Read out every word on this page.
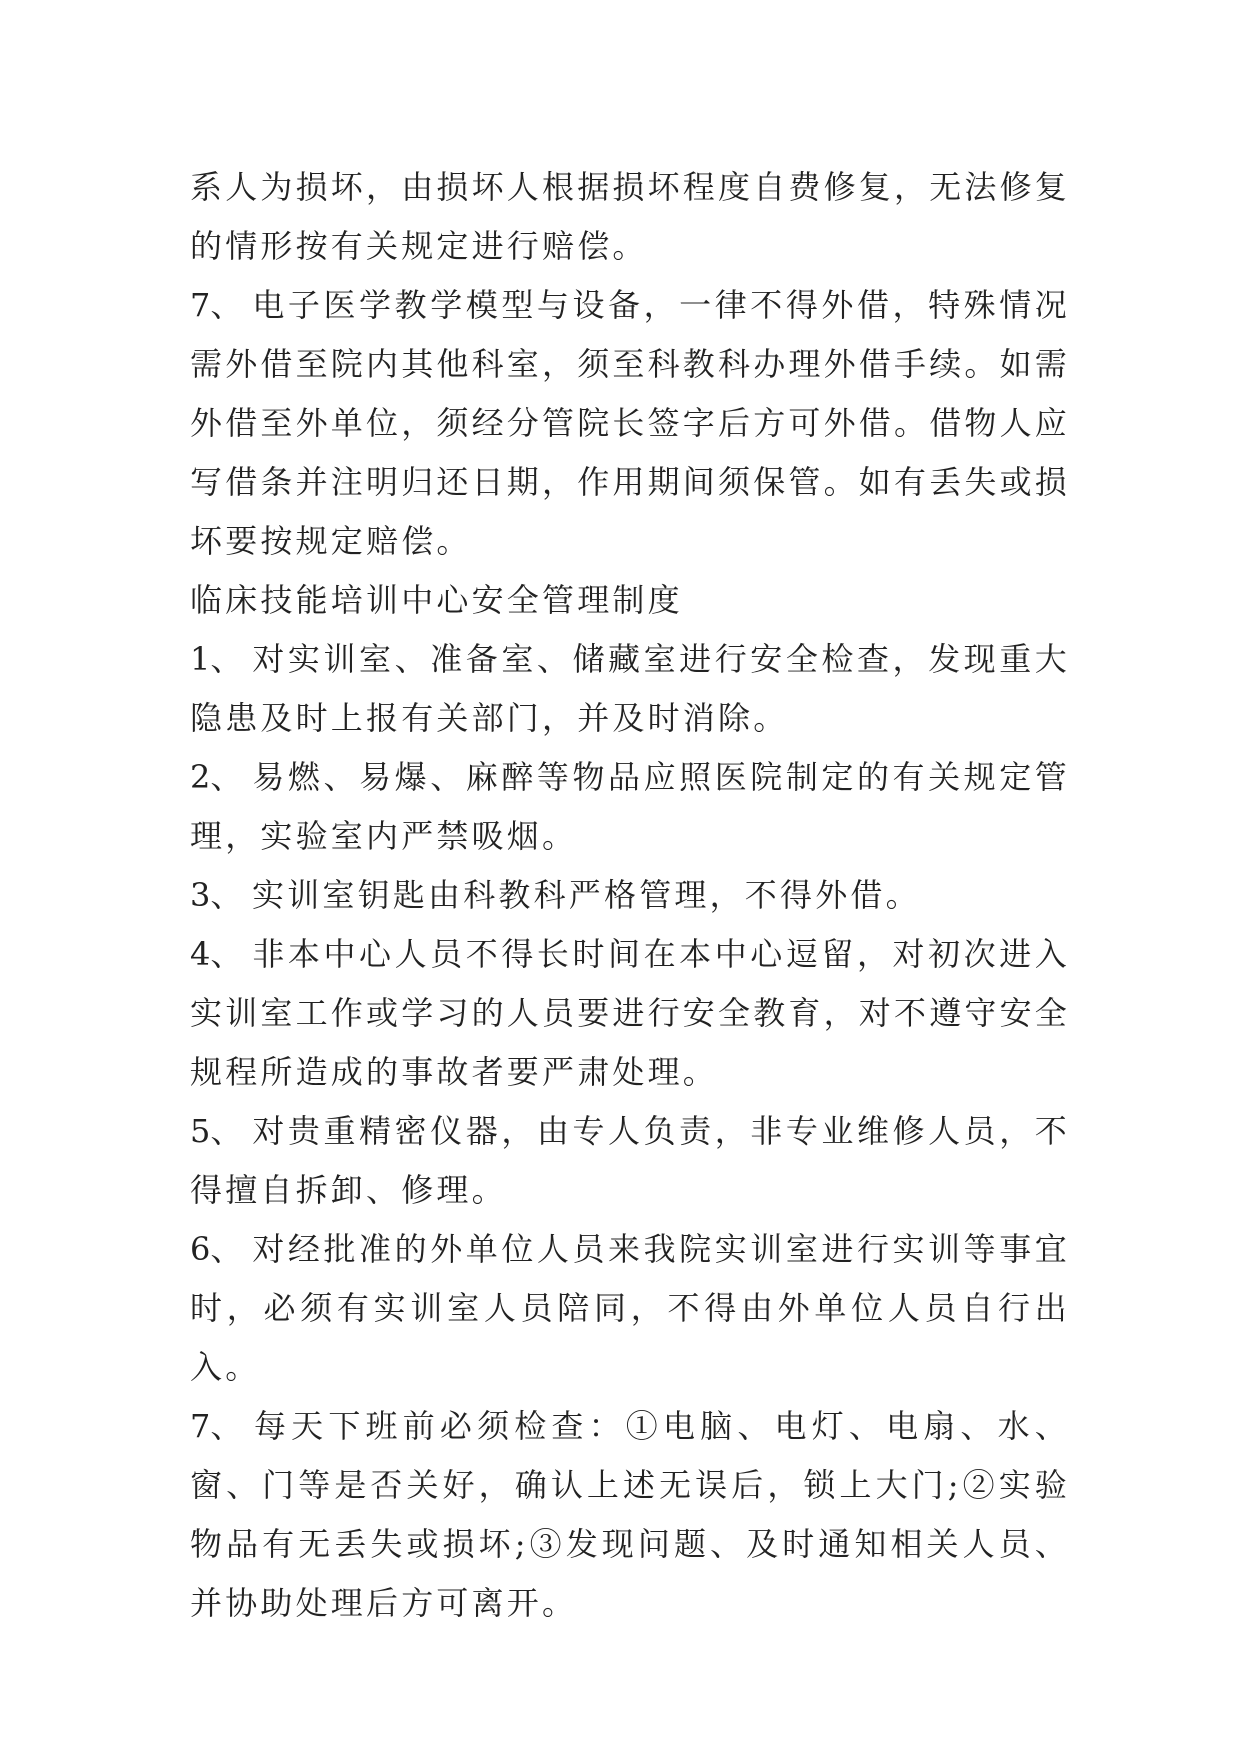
系人为损坏，由损坏人根据损坏程度自费修复，无法修复的情形按有关规定进行赔偿。

7、 电子医学教学模型与设备，一律不得外借，特殊情况需外借至院内其他科室，须至科教科办理外借手续。如需外借至外单位，须经分管院长签字后方可外借。借物人应写借条并注明归还日期，作用期间须保管。如有丢失或损坏要按规定赔偿。

临床技能培训中心安全管理制度

1、 对实训室、准备室、储藏室进行安全检查，发现重大隐患及时上报有关部门，并及时消除。

2、 易燃、易爆、麻醉等物品应照医院制定的有关规定管理，实验室内严禁吸烟。

3、 实训室钥匙由科教科严格管理，不得外借。

4、 非本中心人员不得长时间在本中心逗留，对初次进入实训室工作或学习的人员要进行安全教育，对不遵守安全规程所造成的事故者要严肃处理。

5、 对贵重精密仪器，由专人负责，非专业维修人员，不得擅自拆卸、修理。

6、 对经批准的外单位人员来我院实训室进行实训等事宜时，必须有实训室人员陪同，不得由外单位人员自行出入。

7、 每天下班前必须检查：①电脑、电灯、电扇、水、窗、门等是否关好，确认上述无误后，锁上大门;②实验物品有无丢失或损坏;③发现问题、及时通知相关人员、并协助处理后方可离开。
